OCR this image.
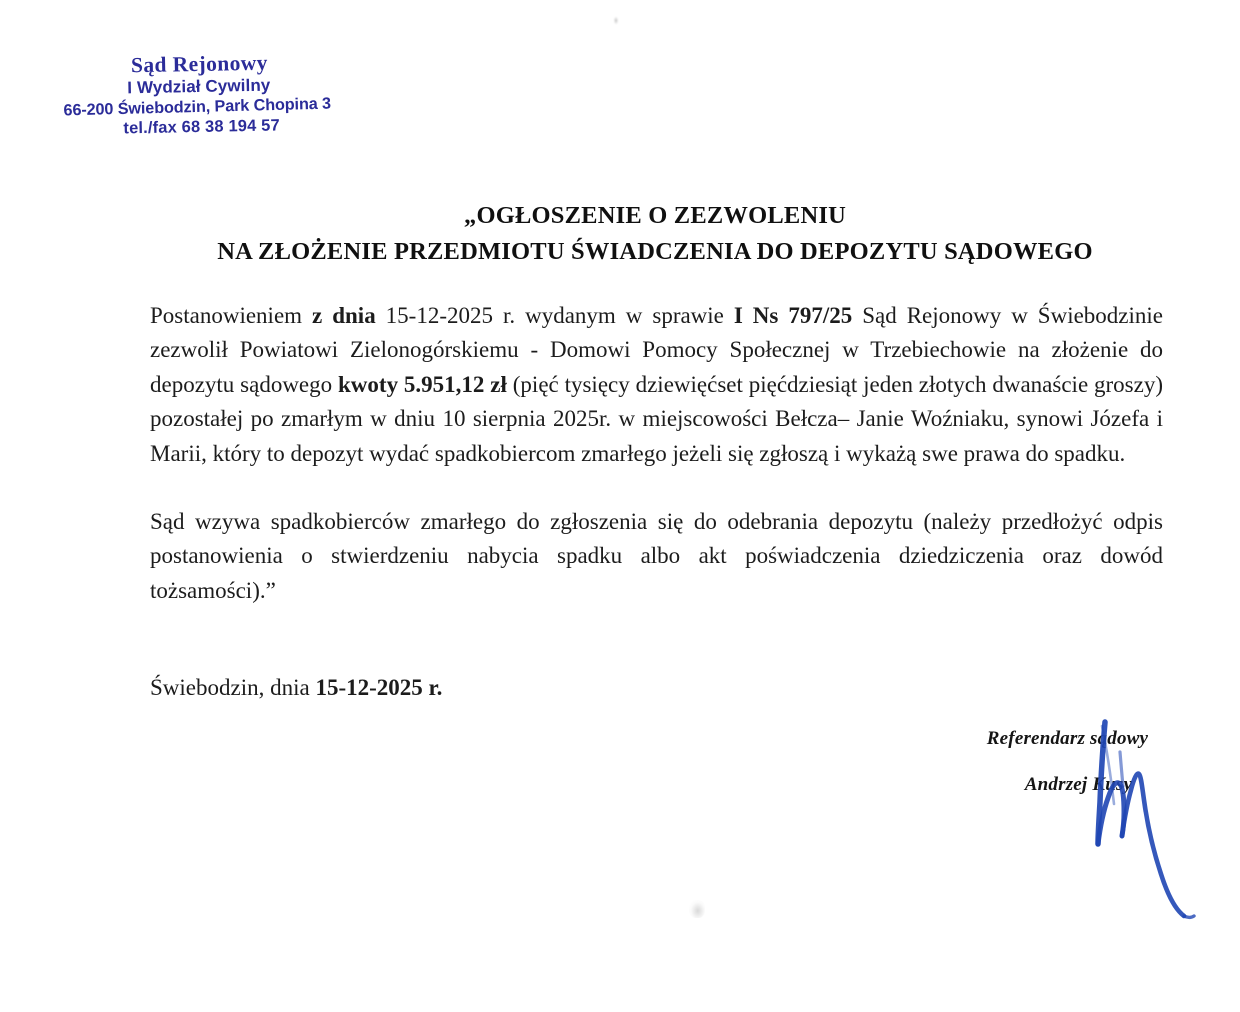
Sąd Rejonowy
I Wydział Cywilny
66-200 Świebodzin, Park Chopina 3
tel./fax 68 38 194 57
„OGŁOSZENIE O ZEZWOLENIU
NA ZŁOŻENIE PRZEDMIOTU ŚWIADCZENIA DO DEPOZYTU SĄDOWEGO

Postanowieniem z dnia 15-12-2025 r. wydanym w sprawie I Ns 797/25 Sąd Rejonowy w Świebodzinie zezwolił Powiatowi Zielonogórskiemu - Domowi Pomocy Społecznej w Trzebiechowie na złożenie do depozytu sądowego kwoty 5.951,12 zł (pięć tysięcy dziewięćset pięćdziesiąt jeden złotych dwanaście groszy) pozostałej po zmarłym w dniu 10 sierpnia 2025r. w miejscowości Bełcza– Janie Woźniaku, synowi Józefa i Marii, który to depozyt wydać spadkobiercom zmarłego jeżeli się zgłoszą i wykażą swe prawa do spadku.

Sąd wzywa spadkobierców zmarłego do zgłoszenia się do odebrania depozytu (należy przedłożyć odpis postanowienia o stwierdzeniu nabycia spadku albo akt poświadczenia dziedziczenia oraz dowód tożsamości).”

Świebodzin, dnia 15-12-2025 r.
Referendarz sądowy
Andrzej Kusy
